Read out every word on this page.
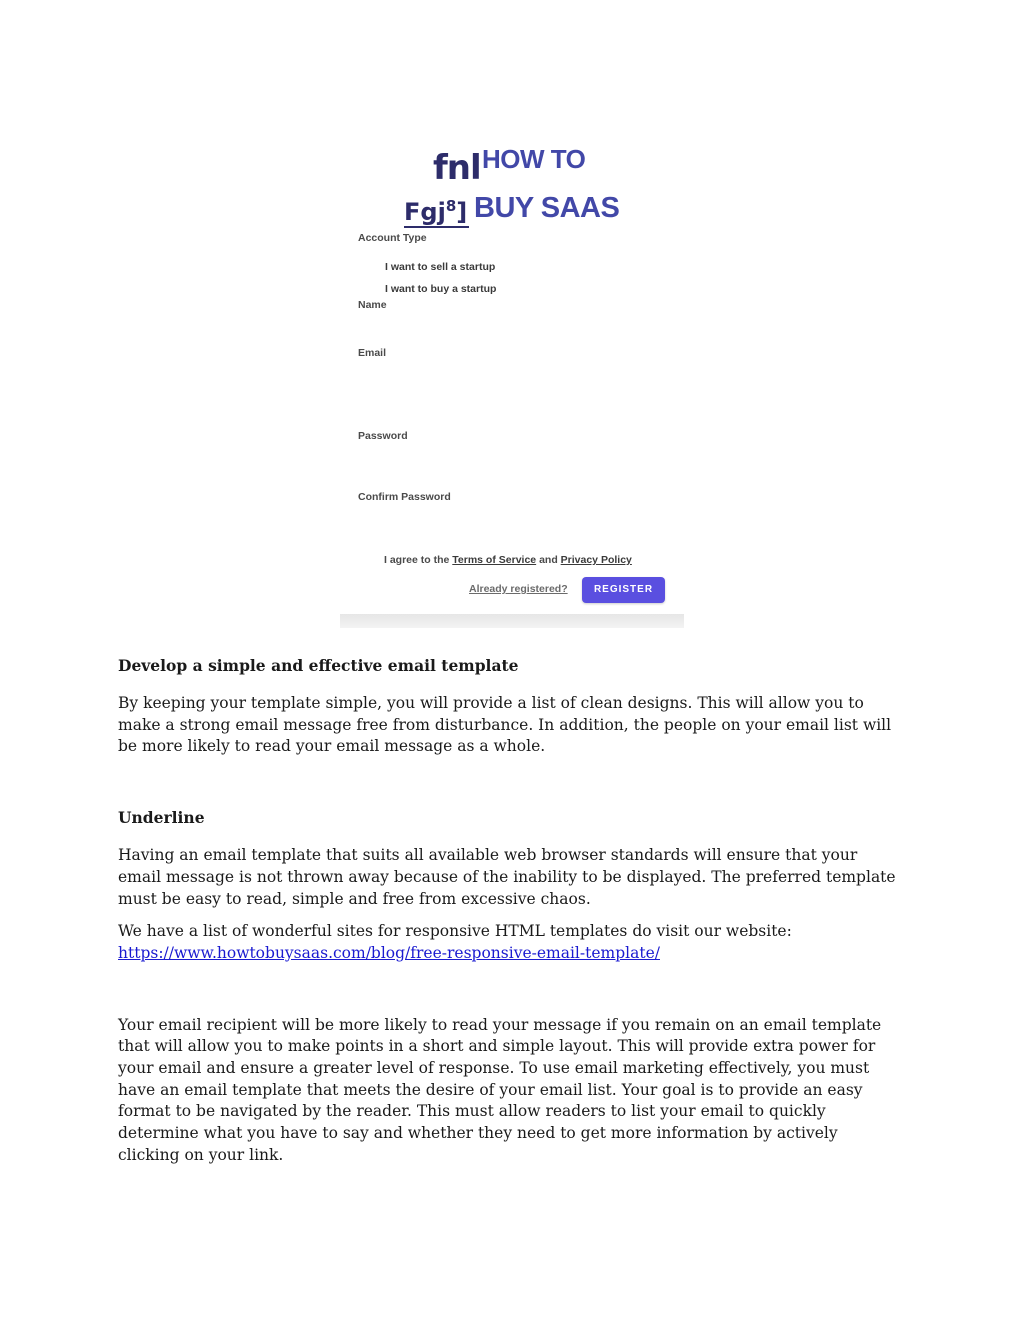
fnl
Fgj$^8$]
HOW TO
BUY SAAS
Account Type
I want to sell a startup
I want to buy a startup
Name
Email
Password
Confirm Password
I agree to the Terms of Service and Privacy Policy
Already registered?	REGISTER
Develop a simple and effective email template

By keeping your template simple, you will provide a list of clean designs. This will allow you to make a strong email message free from disturbance. In addition, the people on your email list will be more likely to read your email message as a whole.

Underline

Having an email template that suits all available web browser standards will ensure that your email message is not thrown away because of the inability to be displayed. The preferred template must be easy to read, simple and free from excessive chaos.

We have a list of wonderful sites for responsive HTML templates do visit our website:
https://www.howtobuysaas.com/blog/free-responsive-email-template/

Your email recipient will be more likely to read your message if you remain on an email template that will allow you to make points in a short and simple layout. This will provide extra power for your email and ensure a greater level of response. To use email marketing effectively, you must have an email template that meets the desire of your email list. Your goal is to provide an easy format to be navigated by the reader. This must allow readers to list your email to quickly determine what you have to say and whether they need to get more information by actively clicking on your link.
